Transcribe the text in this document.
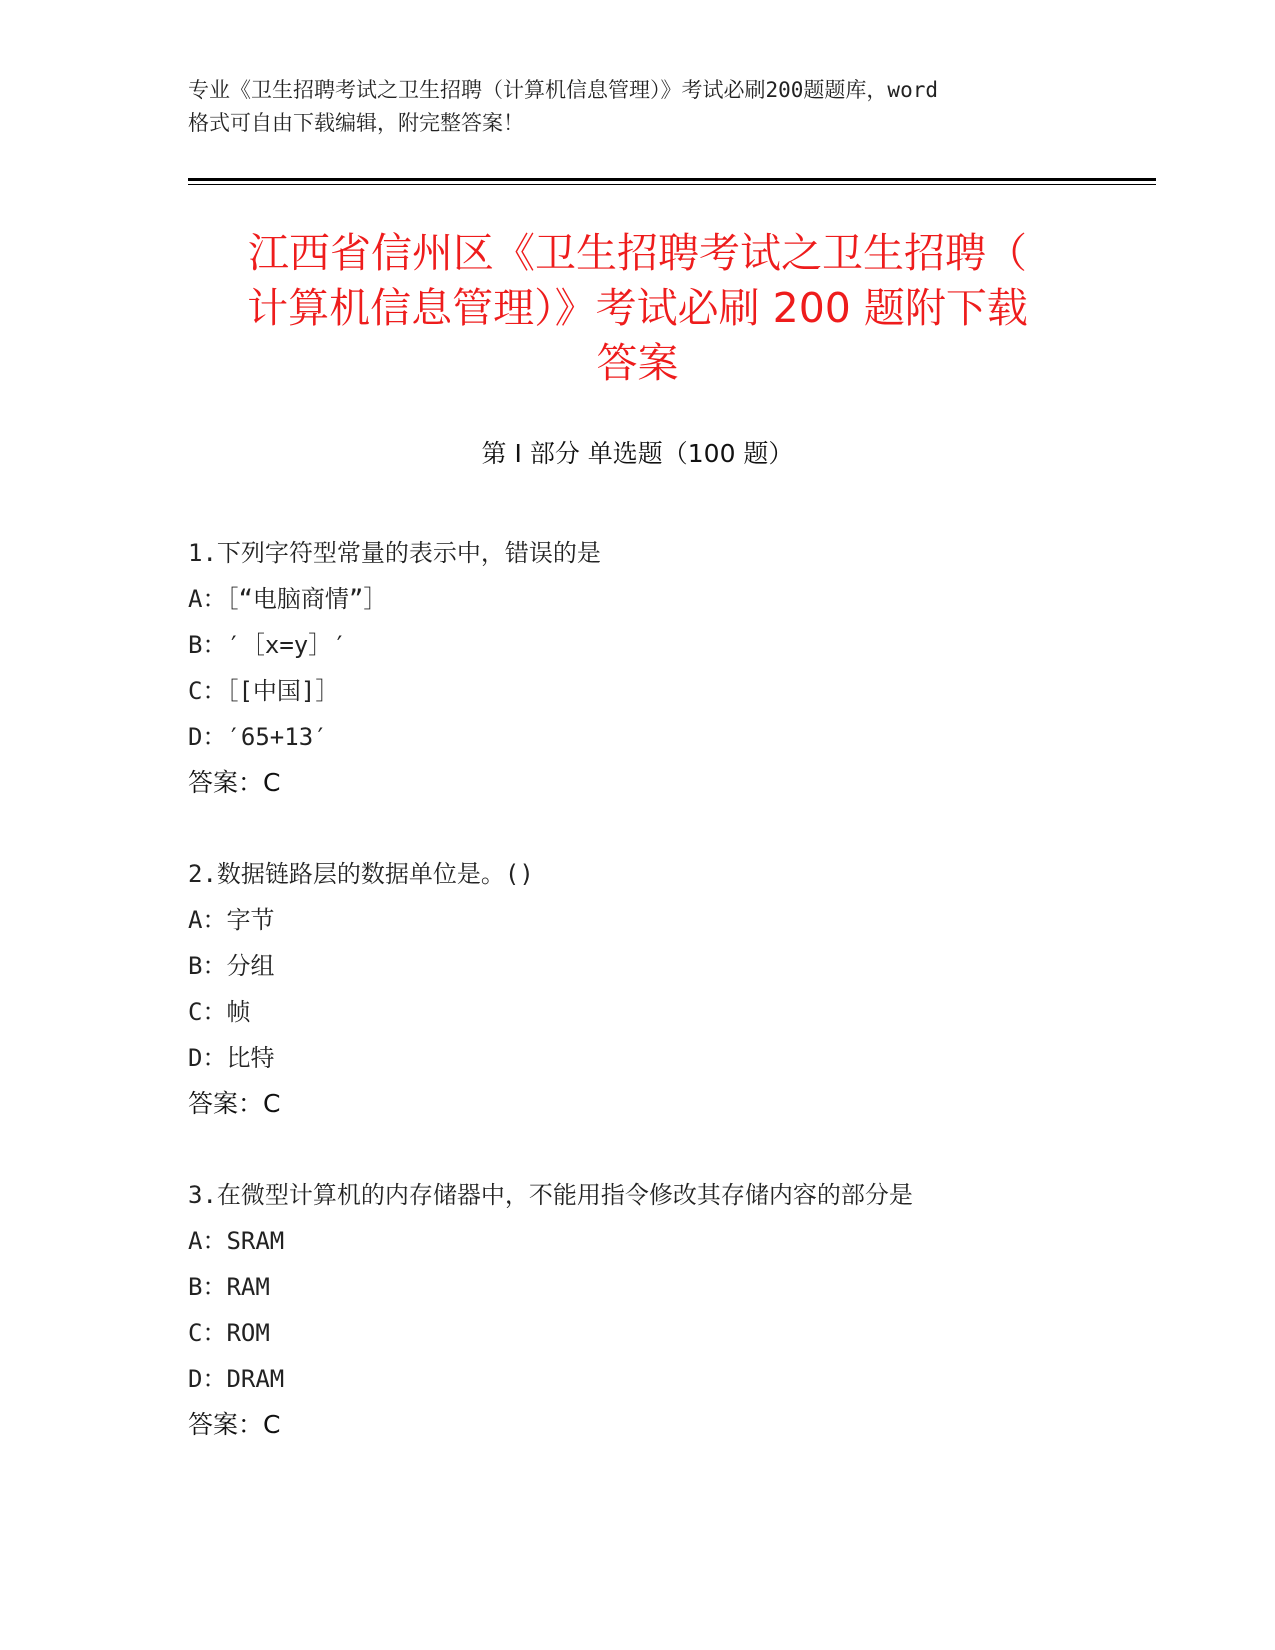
专业《卫生招聘考试之卫生招聘（计算机信息管理）》考试必刷200题题库，word
格式可自由下载编辑，附完整答案！
江西省信州区《卫生招聘考试之卫生招聘（
计算机信息管理）》考试必刷 200 题附下载
答案
第 I 部分 单选题（100 题）
1.下列字符型常量的表示中，错误的是
A：［“电脑商情”］
B：′［x=y］′
C：［[中国]］
D：′65+13′
答案：C
2.数据链路层的数据单位是。()
A：字节
B：分组
C：帧
D：比特
答案：C
3.在微型计算机的内存储器中，不能用指令修改其存储内容的部分是
A：SRAM
B：RAM
C：ROM
D：DRAM
答案：C
